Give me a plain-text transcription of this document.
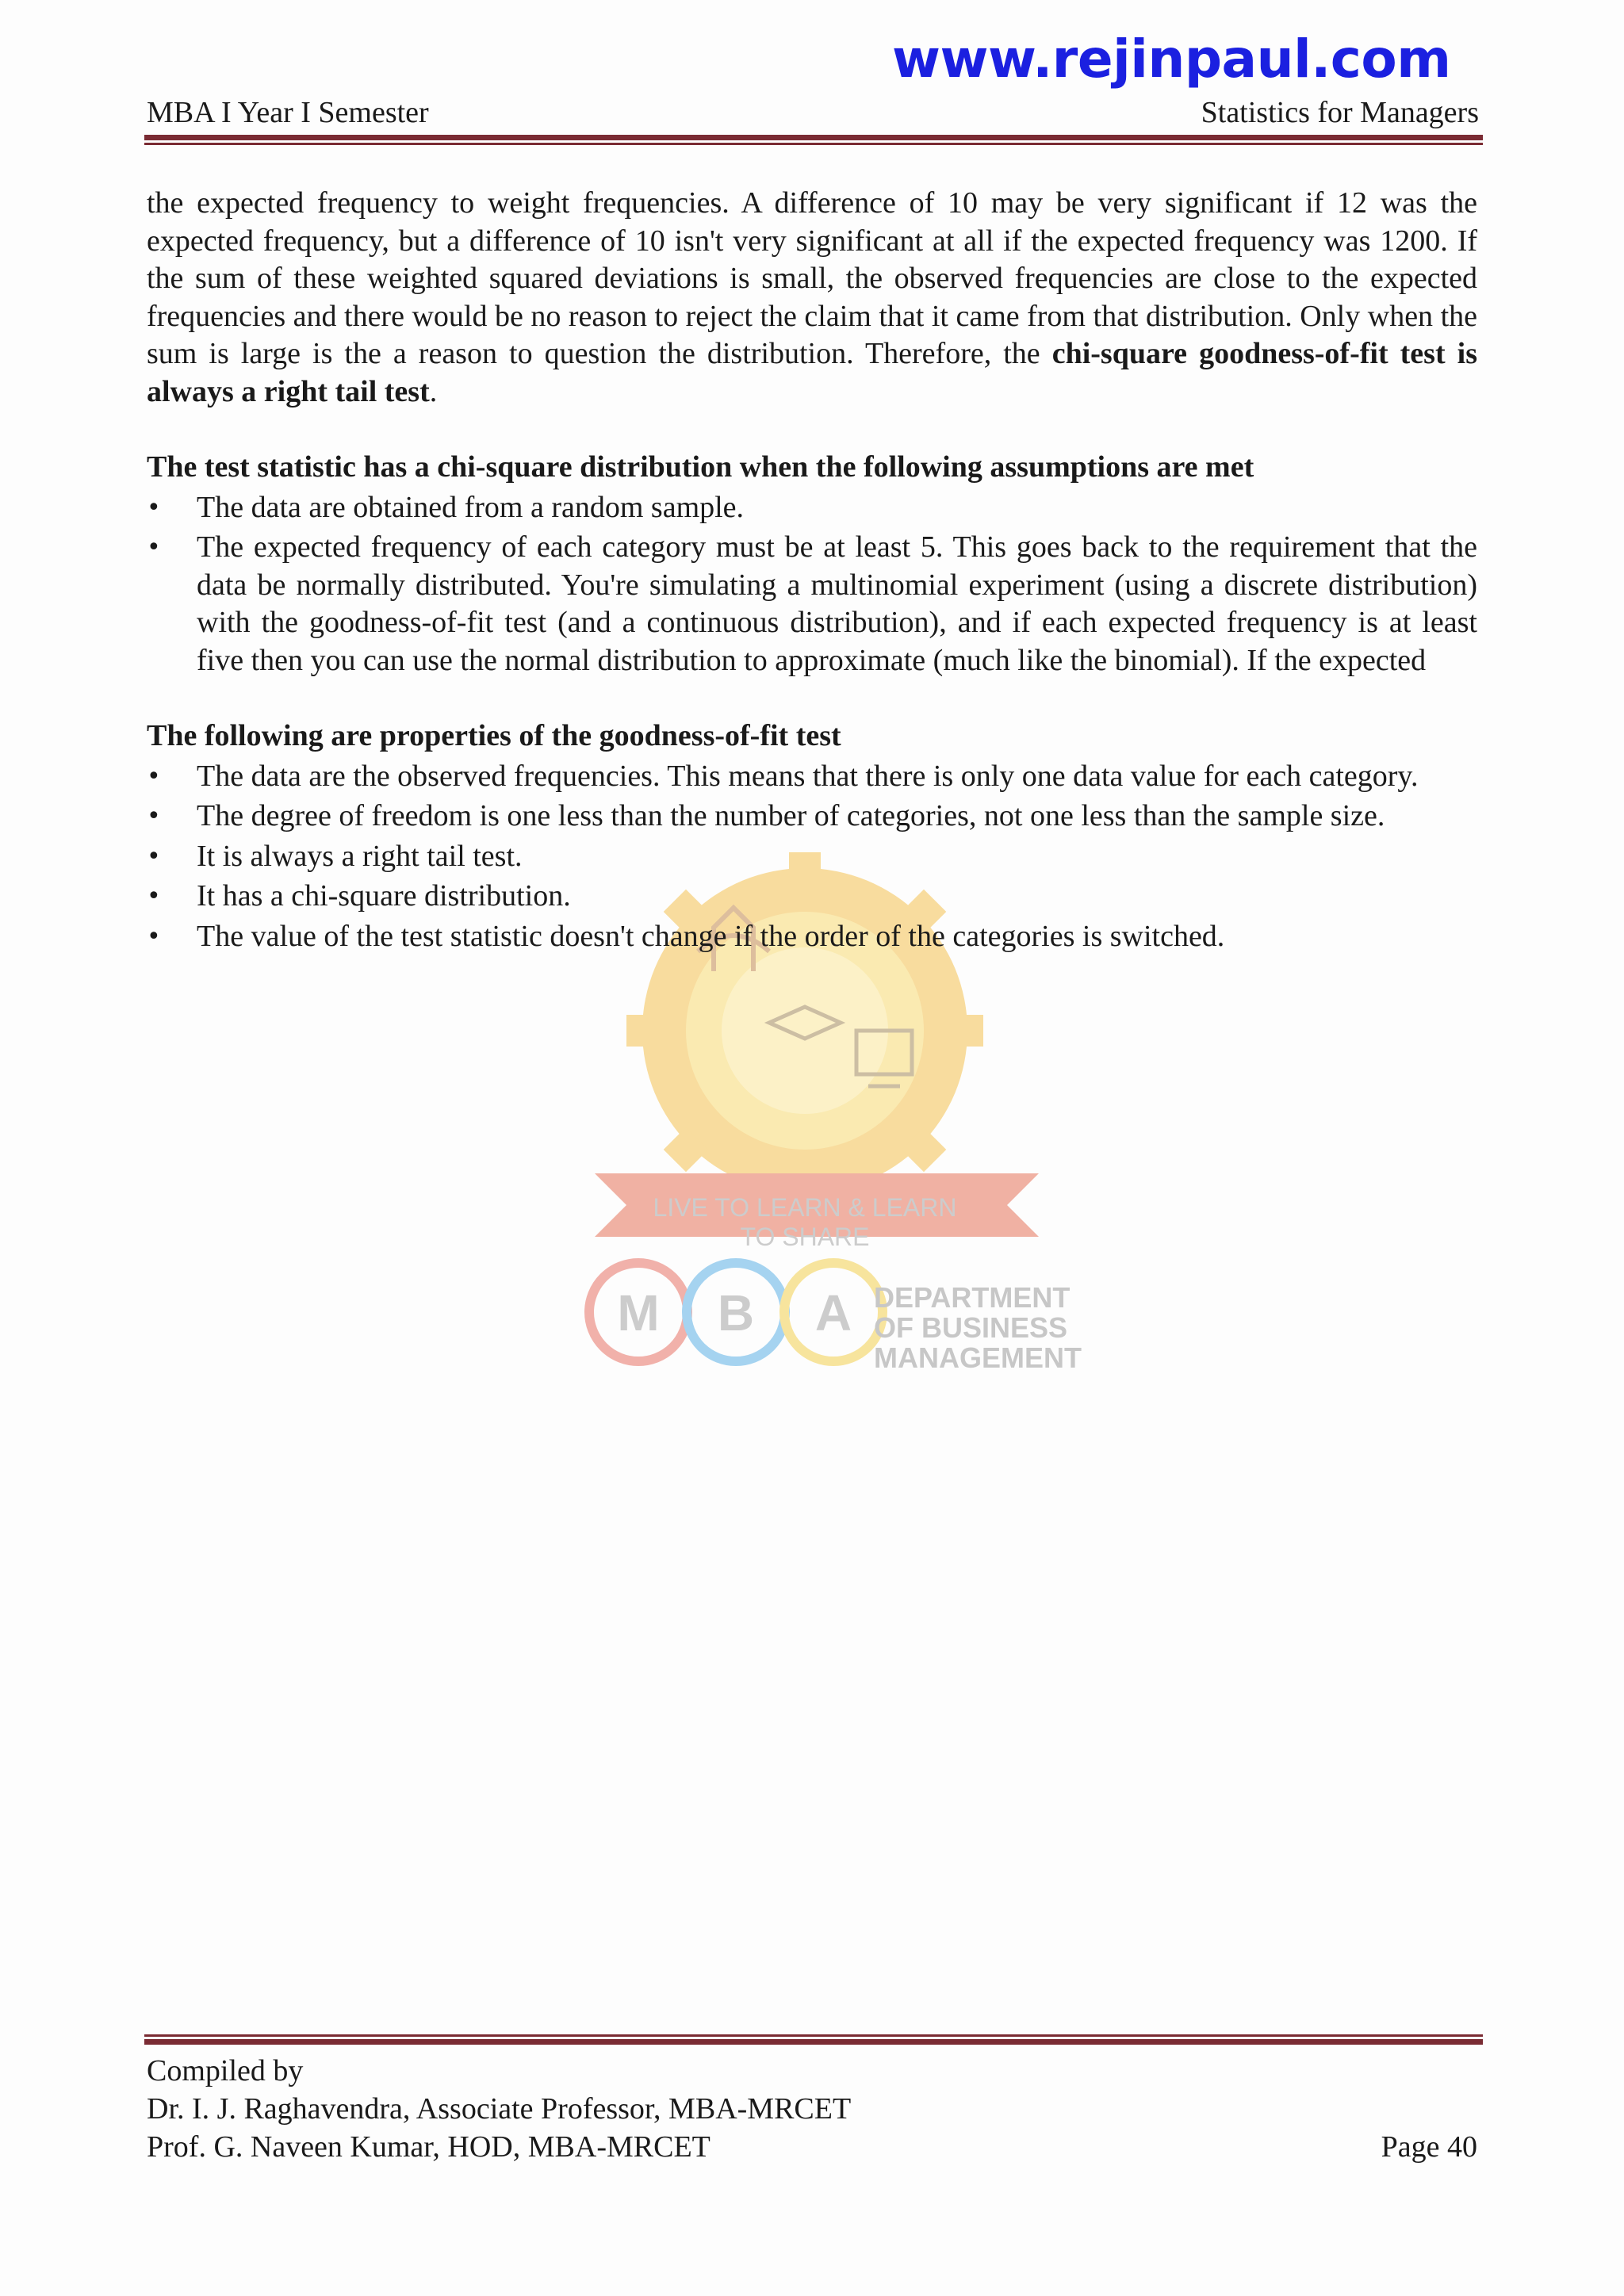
www.rejinpaul.com
MBA I Year I Semester	Statistics for Managers
M B A
LIVE TO LEARN & LEARN TO SHARE
DEPARTMENT
OF BUSINESS
MANAGEMENT

the expected frequency to weight frequencies. A difference of 10 may be very significant if 12 was the expected frequency, but a difference of 10 isn't very significant at all if the expected frequency was 1200. If the sum of these weighted squared deviations is small, the observed frequencies are close to the expected frequencies and there would be no reason to reject the claim that it came from that distribution. Only when the sum is large is the a reason to question the distribution. Therefore, the chi-square goodness-of-fit test is always a right tail test.

The test statistic has a chi-square distribution when the following assumptions are met
•	The data are obtained from a random sample.
•	The expected frequency of each category must be at least 5. This goes back to the requirement that the data be normally distributed. You're simulating a multinomial experiment (using a discrete distribution) with the goodness-of-fit test (and a continuous distribution), and if each expected frequency is at least five then you can use the normal distribution to approximate (much like the binomial). If the expected
The following are properties of the goodness-of-fit test
•	The data are the observed frequencies. This means that there is only one data value for each category.
•	The degree of freedom is one less than the number of categories, not one less than the sample size.
•	It is always a right tail test.
•	It has a chi-square distribution.
•	The value of the test statistic doesn't change if the order of the categories is switched.
Compiled by
Dr. I. J. Raghavendra, Associate Professor, MBA-MRCET
Prof. G. Naveen Kumar, HOD, MBA-MRCET	Page 40
